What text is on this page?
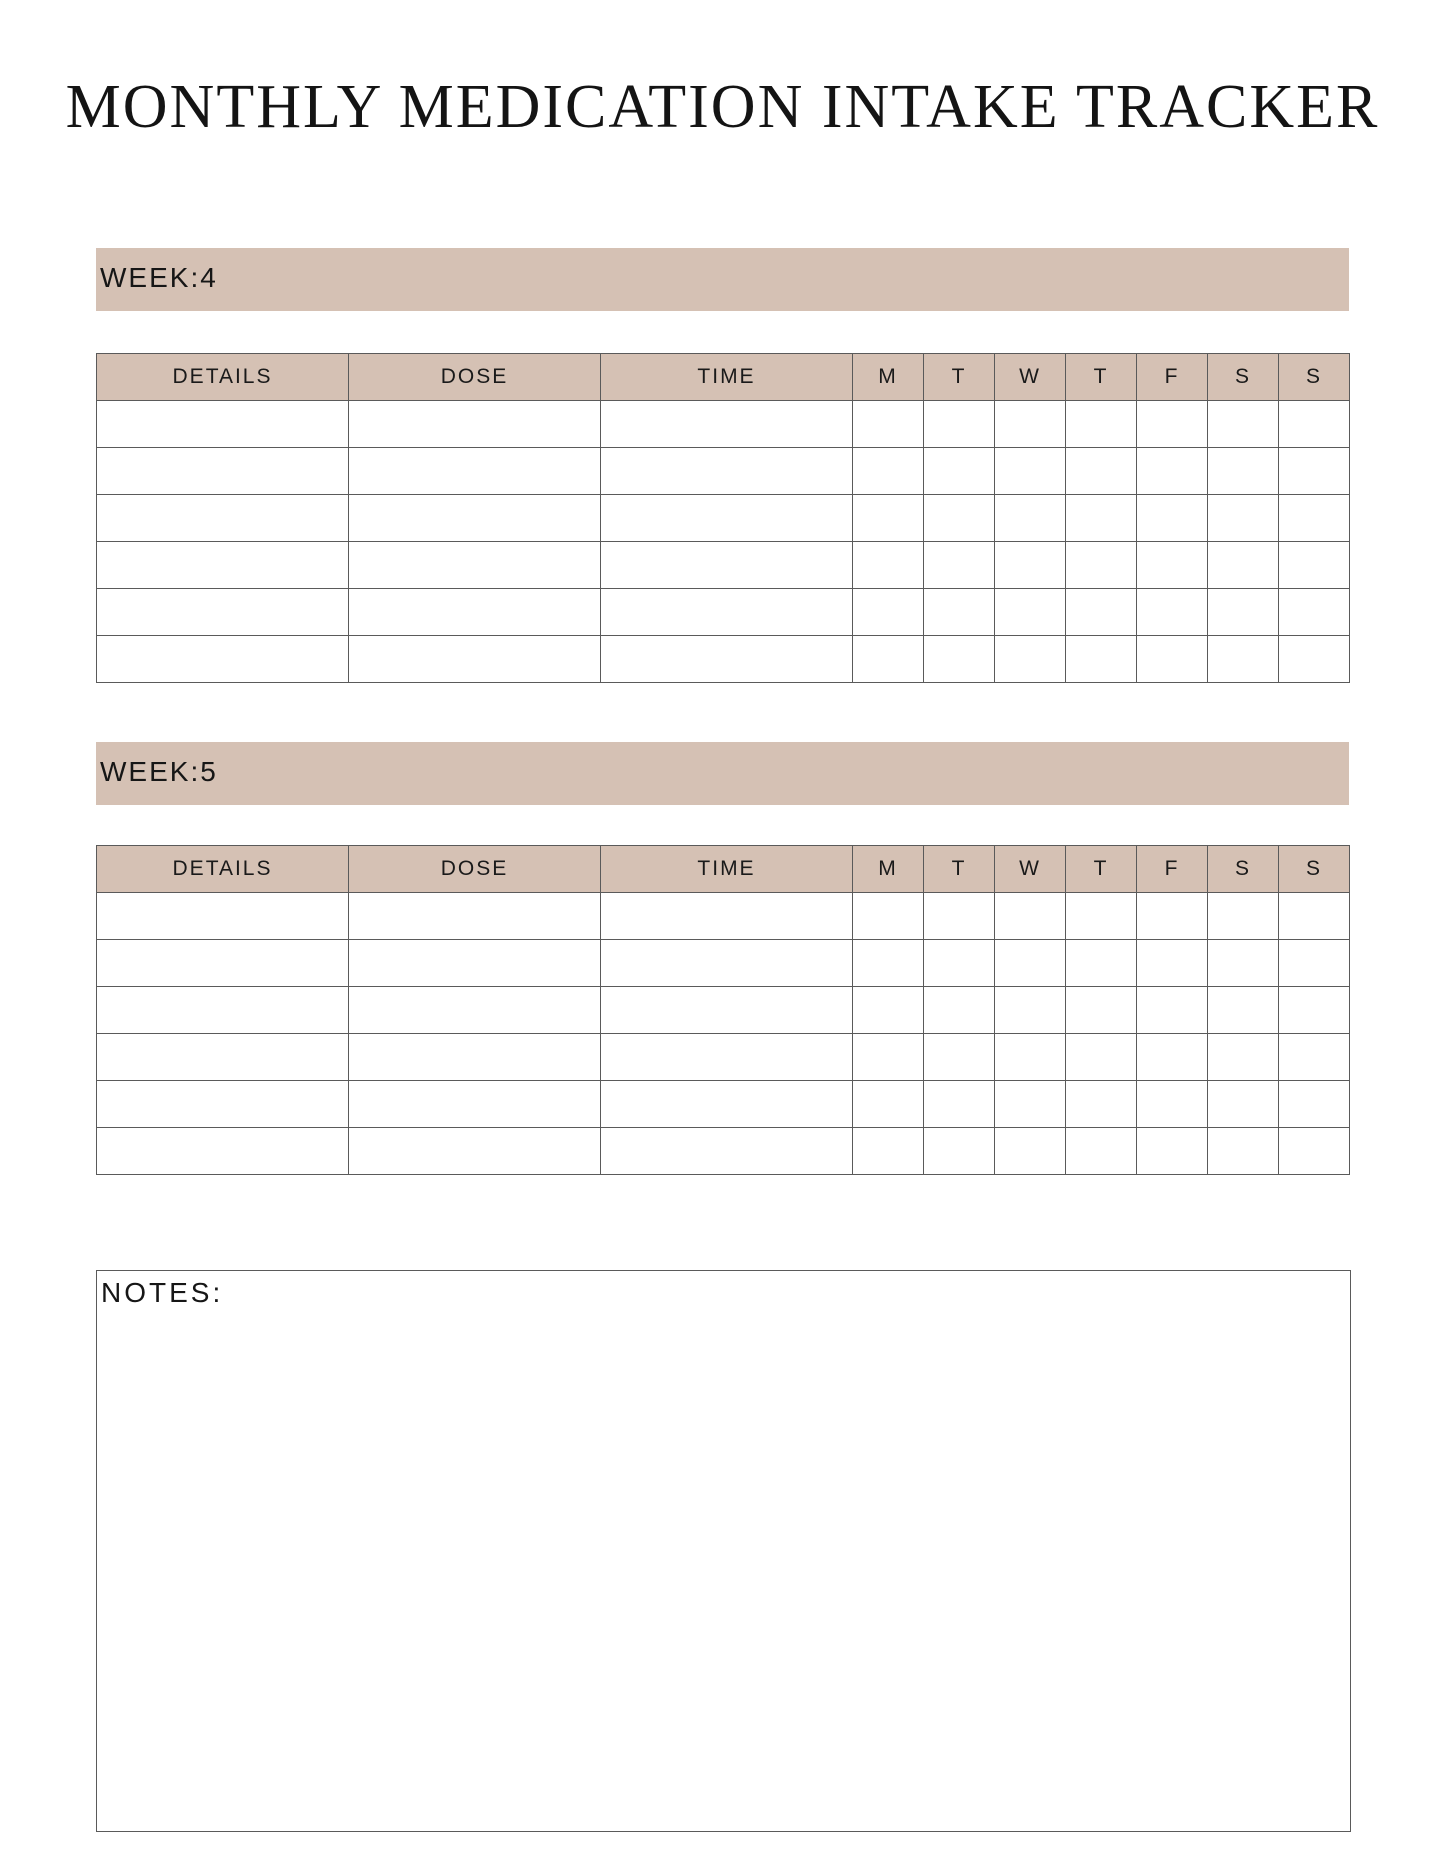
MONTHLY MEDICATION INTAKE TRACKER
WEEK:4
DETAILS	DOSE	TIME	M	T	W	T	F	S	S

WEEK:5
DETAILS	DOSE	TIME	M	T	W	T	F	S	S

NOTES:
